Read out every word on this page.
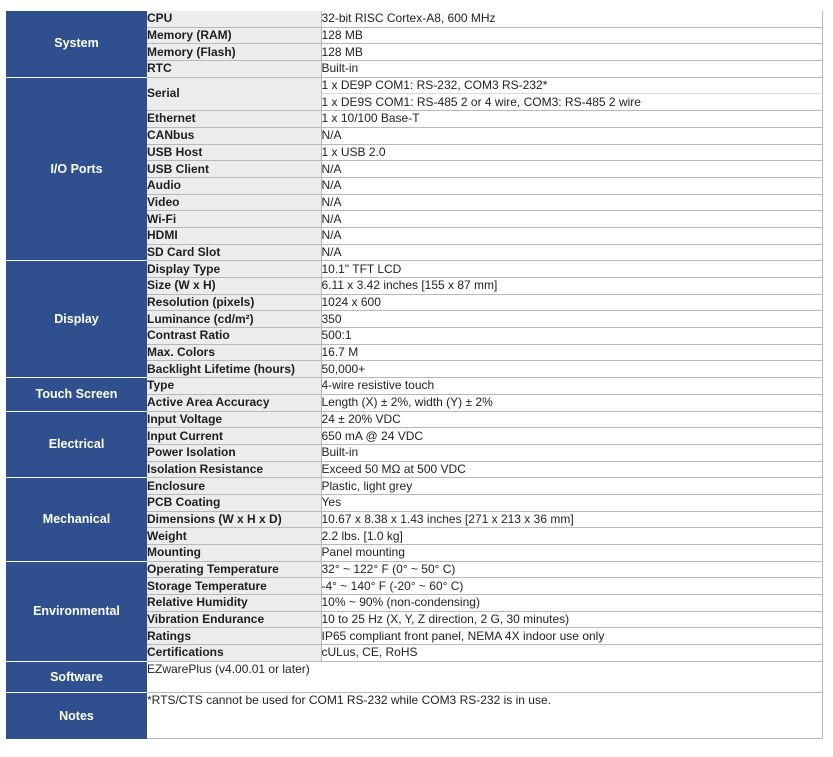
System	CPU	32-bit RISC Cortex-A8, 600 MHz
	Memory (RAM)	128 MB
	Memory (Flash)	128 MB
	RTC	Built-in
I/O Ports	Serial	1 x DE9P COM1: RS-232, COM3 RS-232*
		1 x DE9S COM1: RS-485 2 or 4 wire, COM3: RS-485 2 wire
	Ethernet	1 x 10/100 Base-T
	CANbus	N/A
	USB Host	1 x USB 2.0
	USB Client	N/A
	Audio	N/A
	Video	N/A
	Wi-Fi	N/A
	HDMI	N/A
	SD Card Slot	N/A
Display	Display Type	10.1" TFT LCD
	Size (W x H)	6.11 x 3.42 inches [155 x 87 mm]
	Resolution (pixels)	1024 x 600
	Luminance (cd/m²)	350
	Contrast Ratio	500:1
	Max. Colors	16.7 M
	Backlight Lifetime (hours)	50,000+
Touch Screen	Type	4-wire resistive touch
	Active Area Accuracy	Length (X) ± 2%, width (Y) ± 2%
Electrical	Input Voltage	24 ± 20% VDC
	Input Current	650 mA @ 24 VDC
	Power Isolation	Built-in
	Isolation Resistance	Exceed 50 MΩ at 500 VDC
Mechanical	Enclosure	Plastic, light grey
	PCB Coating	Yes
	Dimensions (W x H x D)	10.67 x 8.38 x 1.43 inches [271 x 213 x 36 mm]
	Weight	2.2 lbs. [1.0 kg]
	Mounting	Panel mounting
Environmental	Operating Temperature	32° ~ 122° F (0° ~ 50° C)
	Storage Temperature	-4° ~ 140° F (-20° ~ 60° C)
	Relative Humidity	10% ~ 90% (non-condensing)
	Vibration Endurance	10 to 25 Hz (X, Y, Z direction, 2 G, 30 minutes)
	Ratings	IP65 compliant front panel, NEMA 4X indoor use only
	Certifications	cULus, CE, RoHS
Software	EZwarePlus (v4.00.01 or later)	
Notes	*RTS/CTS cannot be used for COM1 RS-232 while COM3 RS-232 is in use.	
